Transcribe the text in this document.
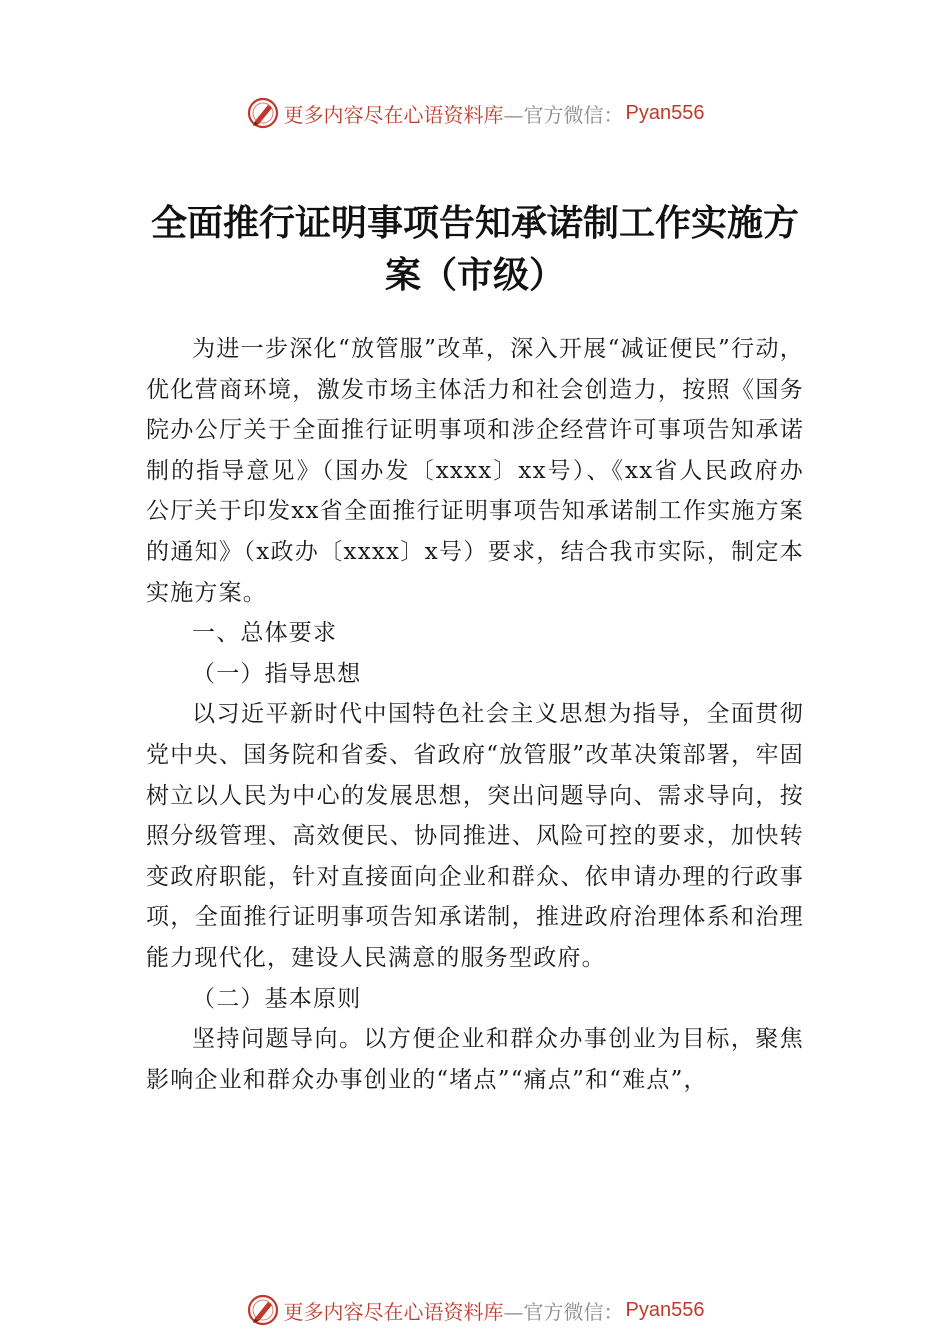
更多内容尽在心语资料库 —官方微信： Pyan556
全面推行证明事项告知承诺制工作实施方案（市级）

为进一步深化“放管服”改革，深入开展“减证便民”行动，优化营商环境，激发市场主体活力和社会创造力，按照《国务院办公厅关于全面推行证明事项和涉企经营许可事项告知承诺制的指导意见》（国办发〔xxxx〕xx号）、《xx省人民政府办公厅关于印发xx省全面推行证明事项告知承诺制工作实施方案的通知》（x政办〔xxxx〕x号）要求，结合我市实际，制定本实施方案。

一、总体要求

（一）指导思想

以习近平新时代中国特色社会主义思想为指导，全面贯彻党中央、国务院和省委、省政府“放管服”改革决策部署，牢固树立以人民为中心的发展思想，突出问题导向、需求导向，按照分级管理、高效便民、协同推进、风险可控的要求，加快转变政府职能，针对直接面向企业和群众、依申请办理的行政事项，全面推行证明事项告知承诺制，推进政府治理体系和治理能力现代化，建设人民满意的服务型政府。

（二）基本原则

坚持问题导向。以方便企业和群众办事创业为目标，聚焦影响企业和群众办事创业的“堵点”“痛点”和“难点”，

更多内容尽在心语资料库 —官方微信： Pyan556
